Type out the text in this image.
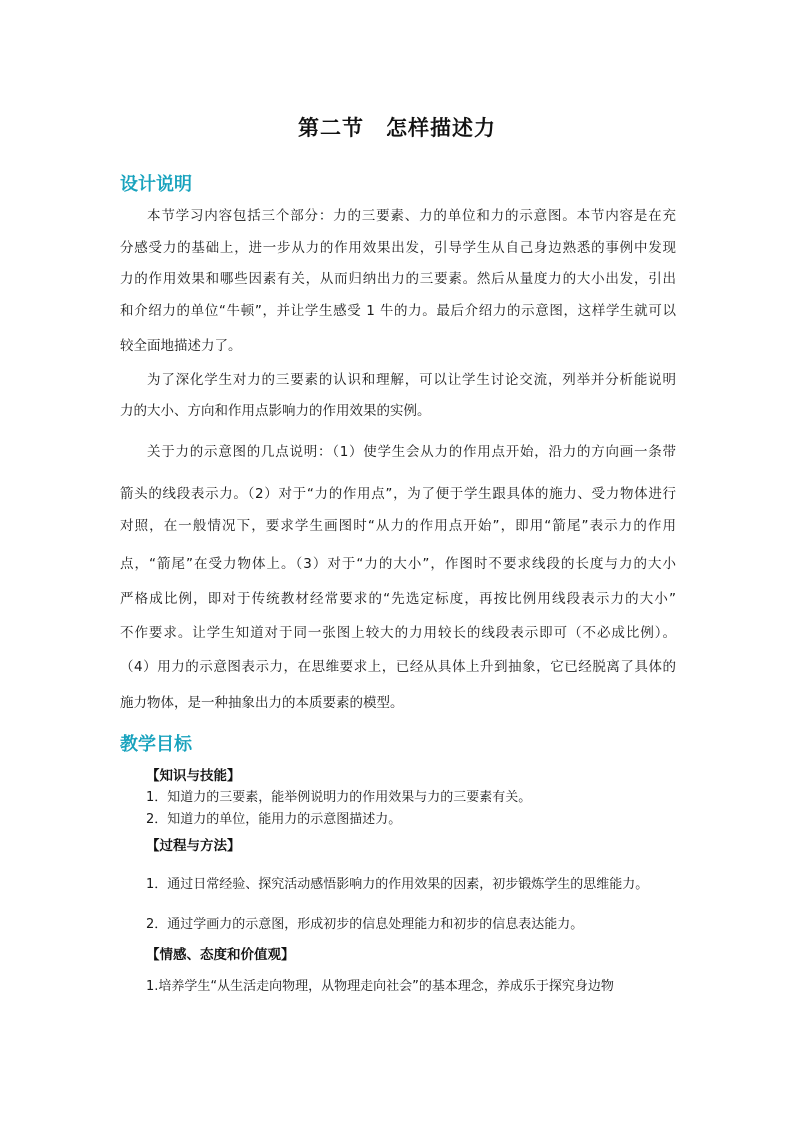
第二节　怎样描述力
设计说明
本节学习内容包括三个部分：力的三要素、力的单位和力的示意图。本节内容是在充
分感受力的基础上，进一步从力的作用效果出发，引导学生从自己身边熟悉的事例中发现
力的作用效果和哪些因素有关，从而归纳出力的三要素。然后从量度力的大小出发，引出
和介绍力的单位“牛顿”，并让学生感受 1 牛的力。最后介绍力的示意图，这样学生就可以
较全面地描述力了。
为了深化学生对力的三要素的认识和理解，可以让学生讨论交流，列举并分析能说明
力的大小、方向和作用点影响力的作用效果的实例。
关于力的示意图的几点说明：（1）使学生会从力的作用点开始，沿力的方向画一条带
箭头的线段表示力。（2）对于“力的作用点”，为了便于学生跟具体的施力、受力物体进行
对照，在一般情况下，要求学生画图时“从力的作用点开始”，即用“箭尾”表示力的作用
点，“箭尾”在受力物体上。（3）对于“力的大小”，作图时不要求线段的长度与力的大小
严格成比例，即对于传统教材经常要求的“先选定标度，再按比例用线段表示力的大小”
不作要求。让学生知道对于同一张图上较大的力用较长的线段表示即可（不必成比例）。
（4）用力的示意图表示力，在思维要求上，已经从具体上升到抽象，它已经脱离了具体的
施力物体，是一种抽象出力的本质要素的模型。
教学目标
【知识与技能】
1．知道力的三要素，能举例说明力的作用效果与力的三要素有关。
2．知道力的单位，能用力的示意图描述力。
【过程与方法】
1．通过日常经验、探究活动感悟影响力的作用效果的因素，初步锻炼学生的思维能力。
2．通过学画力的示意图，形成初步的信息处理能力和初步的信息表达能力。
【情感、态度和价值观】
1.培养学生“从生活走向物理，从物理走向社会”的基本理念，养成乐于探究身边物
